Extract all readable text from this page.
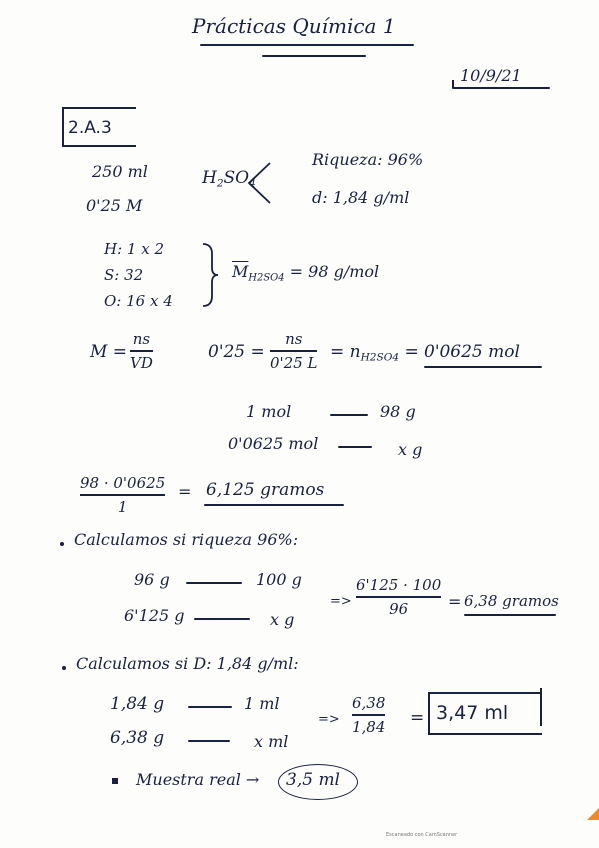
Prácticas Química 1
10/9/21
2.A.3
250 ml
0'25 M
$H_2SO_4$
Riqueza: 96%
d: 1,84 g/ml
H: 1 x 2
S: 32
O: 16 x 4
$\overline{M}_{H2SO4} = 98$ g/mol
M =
ns
VD
0'25 =
ns
0'25 L
= $n_{H2SO4} = 0'0625$ mol
1 mol	98 g
0'0625 mol	x g
98 · 0'0625
1
= 6,125 gramos
Calculamos si riqueza 96%:
96 g	100 g
6'125 g	x g
=>
6'125 · 100
96 = 6,38 gramos
Calculamos si D: 1,84 g/ml:
1,84 g	1 ml
6,38 g	x ml
=>
6,38
1,84 = 3,47 ml
Muestra real → 3,5 ml
Escaneado con CamScanner
